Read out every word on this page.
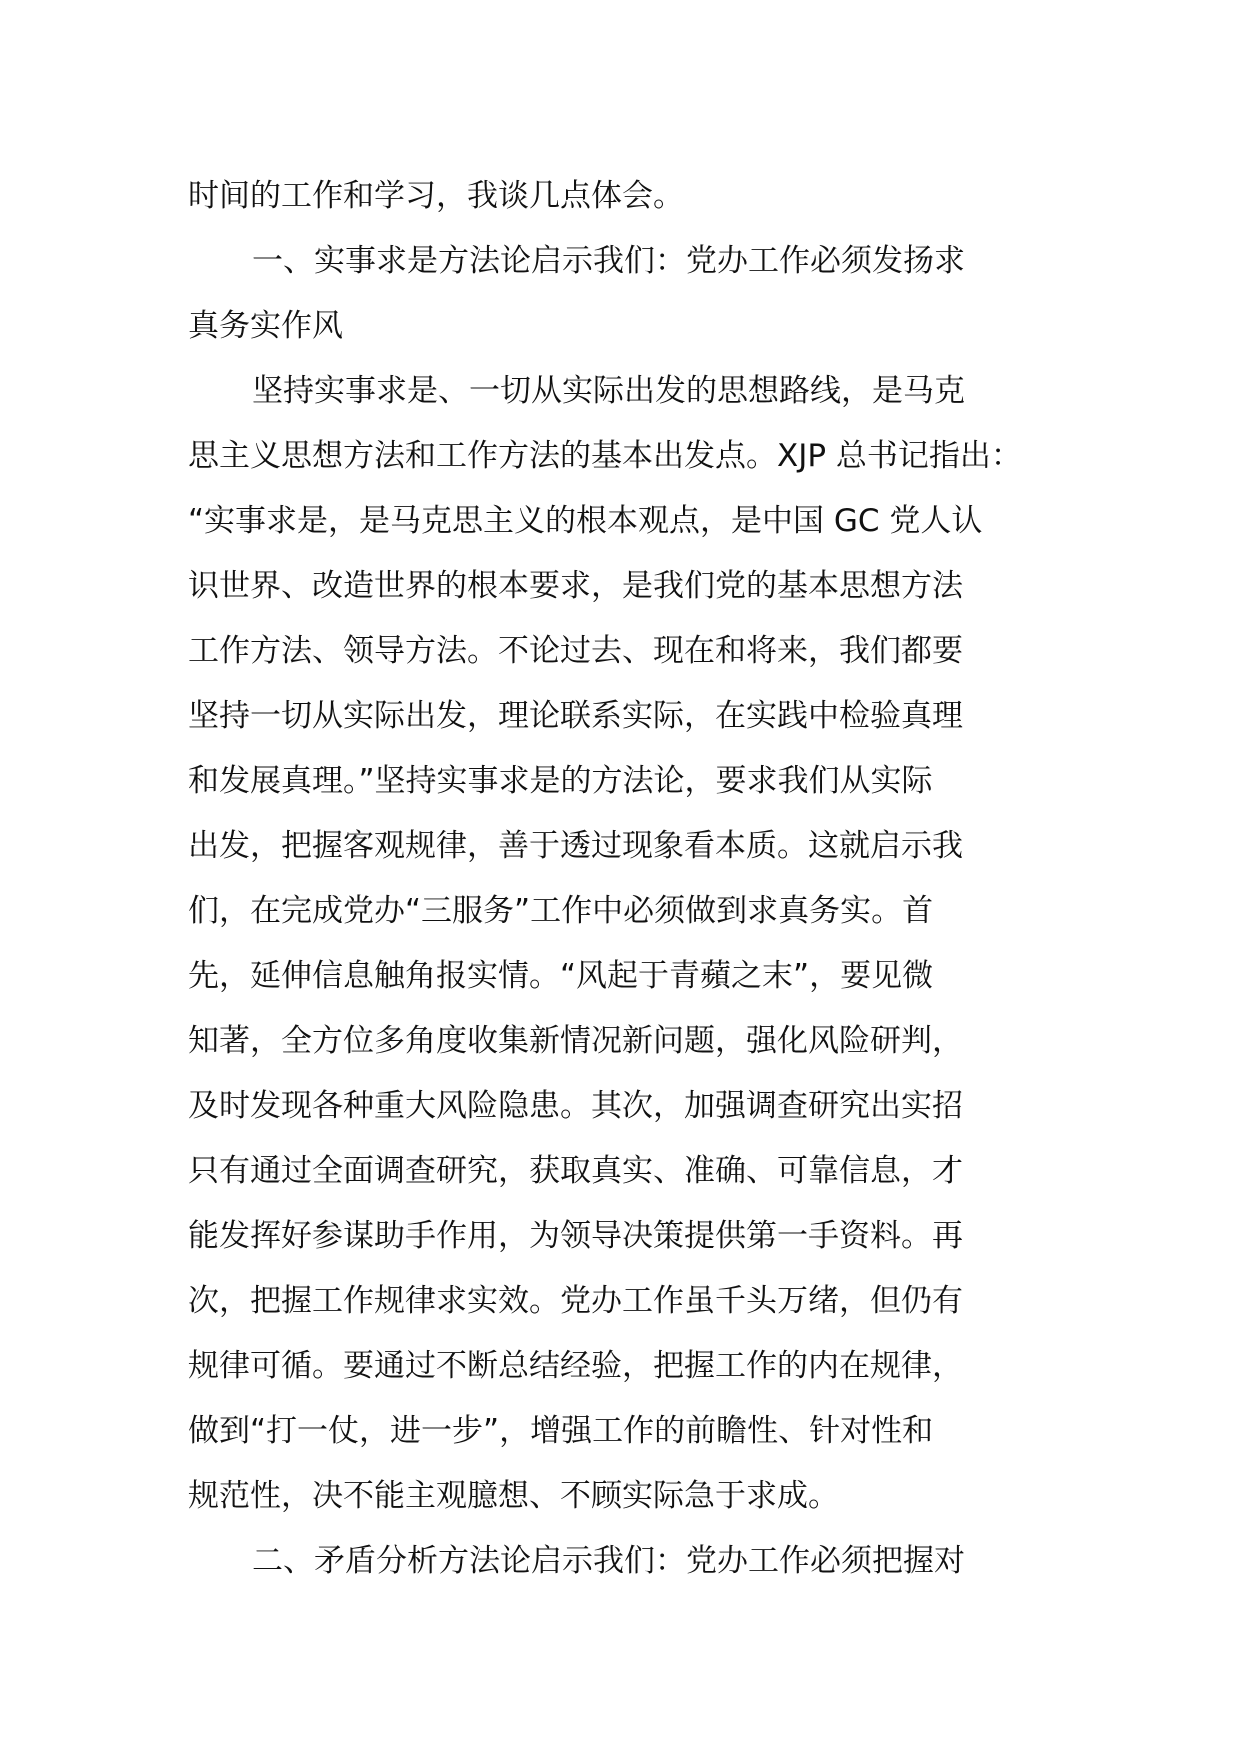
时间的工作和学习，我谈几点体会。
一、实事求是方法论启示我们：党办工作必须发扬求
真务实作风
坚持实事求是、一切从实际出发的思想路线，是马克
思主义思想方法和工作方法的基本出发点。XJP 总书记指出：
“实事求是，是马克思主义的根本观点，是中国 GC 党人认
识世界、改造世界的根本要求，是我们党的基本思想方法
工作方法、领导方法。不论过去、现在和将来，我们都要
坚持一切从实际出发，理论联系实际，在实践中检验真理
和发展真理。”坚持实事求是的方法论，要求我们从实际
出发，把握客观规律，善于透过现象看本质。这就启示我
们，在完成党办“三服务”工作中必须做到求真务实。首
先，延伸信息触角报实情。“风起于青蘋之末”，要见微
知著，全方位多角度收集新情况新问题，强化风险研判，
及时发现各种重大风险隐患。其次，加强调查研究出实招
只有通过全面调查研究，获取真实、准确、可靠信息，才
能发挥好参谋助手作用，为领导决策提供第一手资料。再
次，把握工作规律求实效。党办工作虽千头万绪，但仍有
规律可循。要通过不断总结经验，把握工作的内在规律，
做到“打一仗，进一步”，增强工作的前瞻性、针对性和
规范性，决不能主观臆想、不顾实际急于求成。
二、矛盾分析方法论启示我们：党办工作必须把握对
